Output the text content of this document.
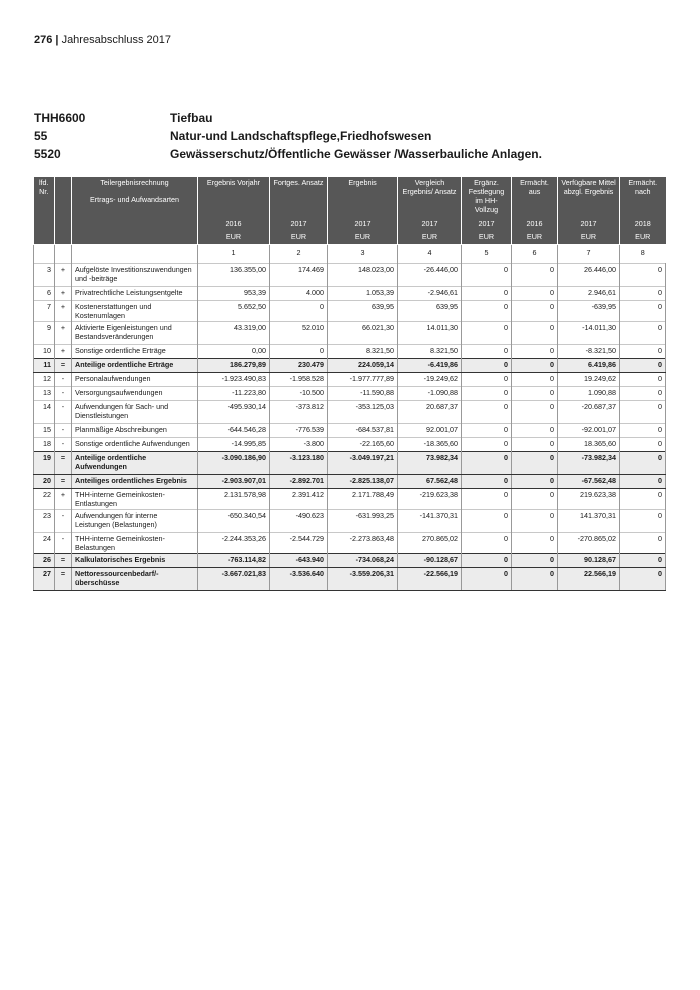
276 | Jahresabschluss 2017
THH6600	Tiefbau
55	Natur-und Landschaftspflege,Friedhofswesen
5520	Gewässerschutz/Öffentliche Gewässer /Wasserbauliche Anlagen.
lfd. Nr.		Teilergebnisrechnung
Ertrags- und Aufwandsarten	Ergebnis Vorjahr	Fortges. Ansatz	Ergebnis	Vergleich Ergebnis/ Ansatz	Ergänz. Festlegung im HH-Vollzug	Ermächt. aus	Verfügbare Mittel abzgl. Ergebnis	Ermächt. nach
			2016	2017	2017	2017	2017	2016	2017	2018
			EUR	EUR	EUR	EUR	EUR	EUR	EUR	EUR
			1	2	3	4	5	6	7	8

3	+	Aufgelöste Investitionszuwendungen und -beiträge	136.355,00	174.469	148.023,00	-26.446,00	0	0	26.446,00	0
6	+	Privatrechtliche Leistungsentgelte	953,39	4.000	1.053,39	-2.946,61	0	0	2.946,61	0
7	+	Kostenerstattungen und Kostenumlagen	5.652,50	0	639,95	639,95	0	0	-639,95	0
9	+	Aktivierte Eigenleistungen und Bestandsveränderungen	43.319,00	52.010	66.021,30	14.011,30	0	0	-14.011,30	0
10	+	Sonstige ordentliche Erträge	0,00	0	8.321,50	8.321,50	0	0	-8.321,50	0
11	=	Anteilige ordentliche Erträge	186.279,89	230.479	224.059,14	-6.419,86	0	0	6.419,86	0
12	-	Personalaufwendungen	-1.923.490,83	-1.958.528	-1.977.777,89	-19.249,62	0	0	19.249,62	0
13	-	Versorgungsaufwendungen	-11.223,80	-10.500	-11.590,88	-1.090,88	0	0	1.090,88	0
14	-	Aufwendungen für Sach- und Dienstleistungen	-495.930,14	-373.812	-353.125,03	20.687,37	0	0	-20.687,37	0
15	-	Planmäßige Abschreibungen	-644.546,28	-776.539	-684.537,81	92.001,07	0	0	-92.001,07	0
18	-	Sonstige ordentliche Aufwendungen	-14.995,85	-3.800	-22.165,60	-18.365,60	0	0	18.365,60	0
19	=	Anteilige ordentliche Aufwendungen	-3.090.186,90	-3.123.180	-3.049.197,21	73.982,34	0	0	-73.982,34	0
20	=	Anteiliges ordentliches Ergebnis	-2.903.907,01	-2.892.701	-2.825.138,07	67.562,48	0	0	-67.562,48	0
22	+	THH-interne Gemeinkosten-Entlastungen	2.131.578,98	2.391.412	2.171.788,49	-219.623,38	0	0	219.623,38	0
23	-	Aufwendungen für interne Leistungen (Belastungen)	-650.340,54	-490.623	-631.993,25	-141.370,31	0	0	141.370,31	0
24	-	THH-interne Gemeinkosten-Belastungen	-2.244.353,26	-2.544.729	-2.273.863,48	270.865,02	0	0	-270.865,02	0
26	=	Kalkulatorisches Ergebnis	-763.114,82	-643.940	-734.068,24	-90.128,67	0	0	90.128,67	0
27	=	Nettoressourcenbedarf/-überschüsse	-3.667.021,83	-3.536.640	-3.559.206,31	-22.566,19	0	0	22.566,19	0
